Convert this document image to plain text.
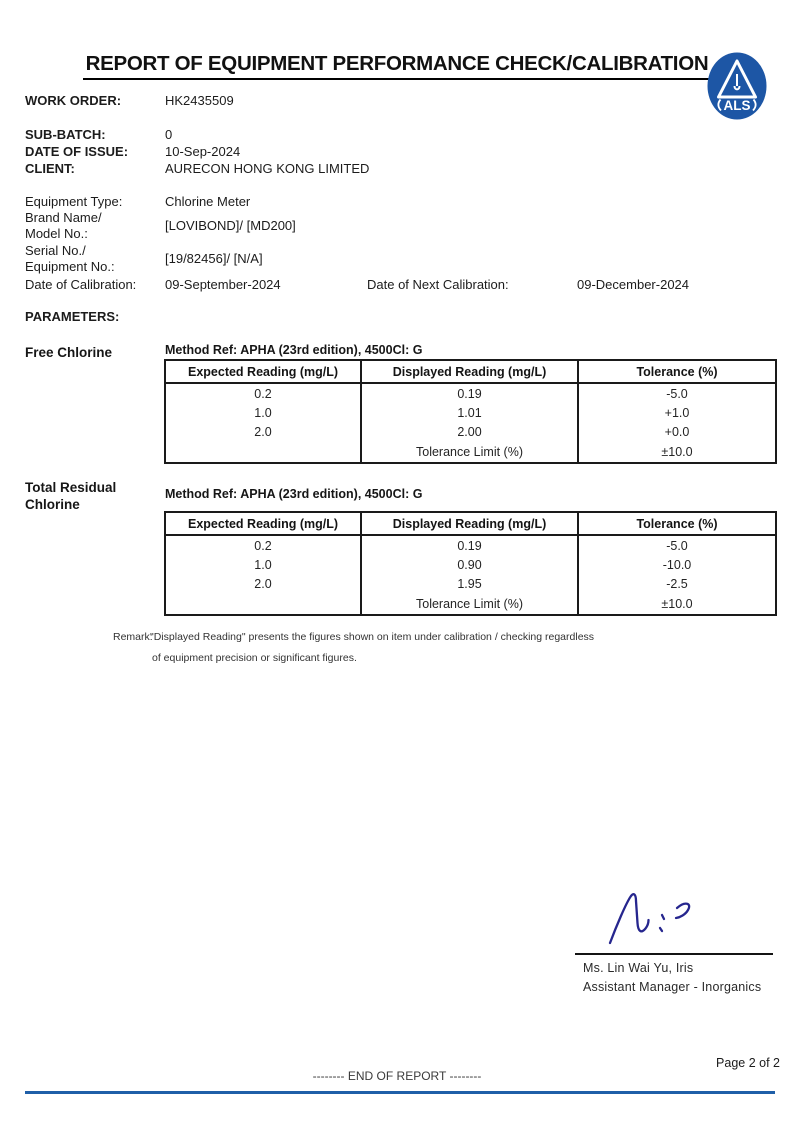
REPORT OF EQUIPMENT PERFORMANCE CHECK/CALIBRATION
ALS
WORK ORDER:	HK2435509
SUB-BATCH:	0
DATE OF ISSUE:	10-Sep-2024
CLIENT:	AURECON HONG KONG LIMITED
Equipment Type:	Chlorine Meter
Brand Name/
Model No.:
[LOVIBOND]/ [MD200]
Serial No./
Equipment No.:
[19/82456]/ [N/A]
Date of Calibration: 09-September-2024	Date of Next Calibration:	09-December-2024
PARAMETERS:
Free Chlorine	Method Ref: APHA (23rd edition), 4500Cl: G
Expected Reading (mg/L)	Displayed Reading (mg/L)	Tolerance (%)
0.2	0.19	-5.0
1.0	1.01	+1.0
2.0	2.00	+0.0
	Tolerance Limit (%)	±10.0
Total Residual Chlorine
Method Ref: APHA (23rd edition), 4500Cl: G
Expected Reading (mg/L)	Displayed Reading (mg/L)	Tolerance (%)
0.2	0.19	-5.0
1.0	0.90	-10.0
2.0	1.95	-2.5
	Tolerance Limit (%)	±10.0
Remark:
"Displayed Reading" presents the figures shown on item under calibration / checking regardless
of equipment precision or significant figures.
Ms. Lin Wai Yu, Iris
Assistant Manager - Inorganics
Page 2 of 2
-------- END OF REPORT --------
